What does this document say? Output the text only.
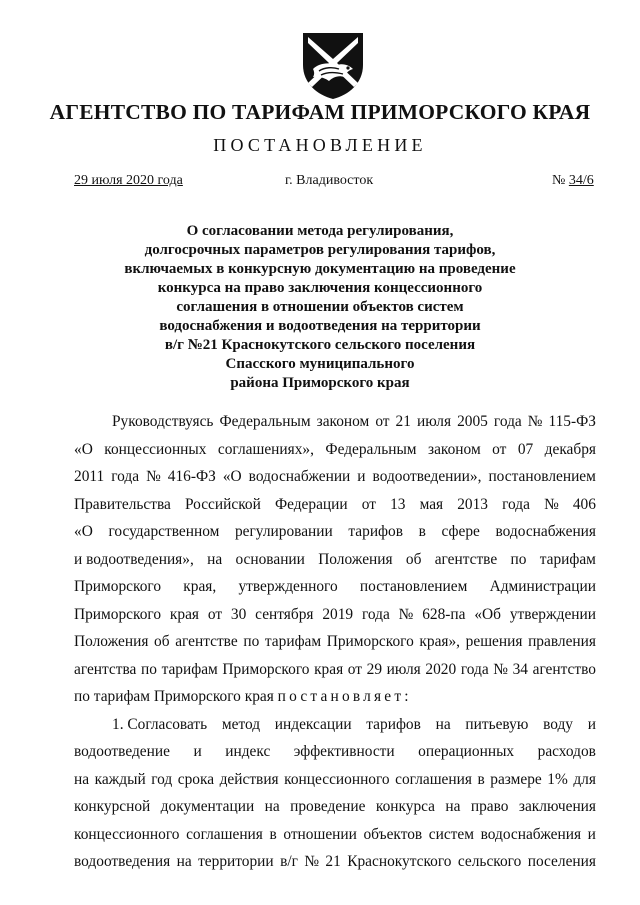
АГЕНТСТВО ПО ТАРИФАМ ПРИМОРСКОГО КРАЯ
ПОСТАНОВЛЕНИЕ
29 июля 2020 года	г. Владивосток	№ 34/6
О согласовании метода регулирования,
долгосрочных параметров регулирования тарифов,
включаемых в конкурсную документацию на проведение
конкурса на право заключения концессионного
соглашения в отношении объектов систем
водоснабжения и водоотведения на территории
в/г №21 Краснокутского сельского поселения
Спасского муниципального
района Приморского края
Руководствуясь Федеральным законом от 21 июля 2005 года № 115-ФЗ
«О концессионных соглашениях», Федеральным законом от 07 декабря
2011 года № 416-ФЗ «О водоснабжении и водоотведении», постановлением
Правительства Российской Федерации от 13 мая 2013 года № 406
«О государственном регулировании тарифов в сфере водоснабжения
и водоотведения», на основании Положения об агентстве по тарифам
Приморского края, утвержденного постановлением Администрации
Приморского края от 30 сентября 2019 года № 628-па «Об утверждении
Положения об агентстве по тарифам Приморского края», решения правления
агентства по тарифам Приморского края от 29 июля 2020 года № 34 агентство
по тарифам Приморского края постановляет:
1. Согласовать метод индексации тарифов на питьевую воду и
водоотведение и индекс эффективности операционных расходов
на каждый год срока действия концессионного соглашения в размере 1% для
конкурсной документации на проведение конкурса на право заключения
концессионного соглашения в отношении объектов систем водоснабжения и
водоотведения на территории в/г № 21 Краснокутского сельского поселения
